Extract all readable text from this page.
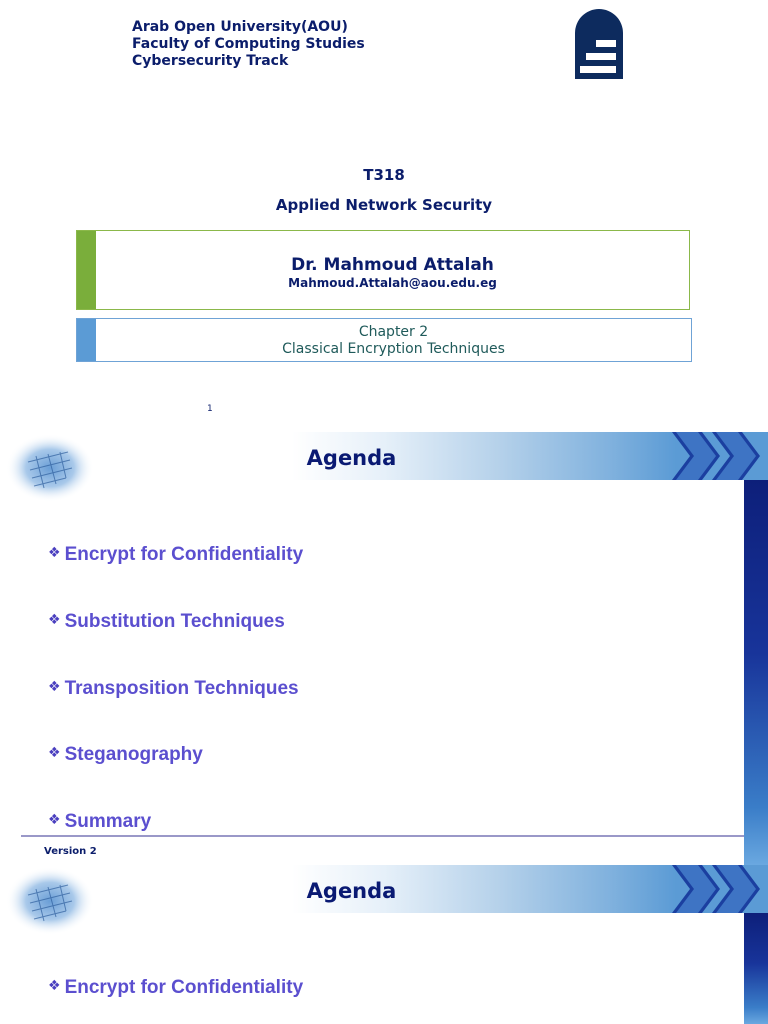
Arab Open University(AOU)
Faculty of Computing Studies
Cybersecurity Track
T318
Applied Network Security
Dr. Mahmoud Attalah
Mahmoud.Attalah@aou.edu.eg
Chapter 2
Classical Encryption Techniques
1
Agenda
❖ Encrypt for Confidentiality
❖ Substitution Techniques
❖ Transposition Techniques
❖ Steganography
❖ Summary
Version 2
Agenda
❖ Encrypt for Confidentiality
